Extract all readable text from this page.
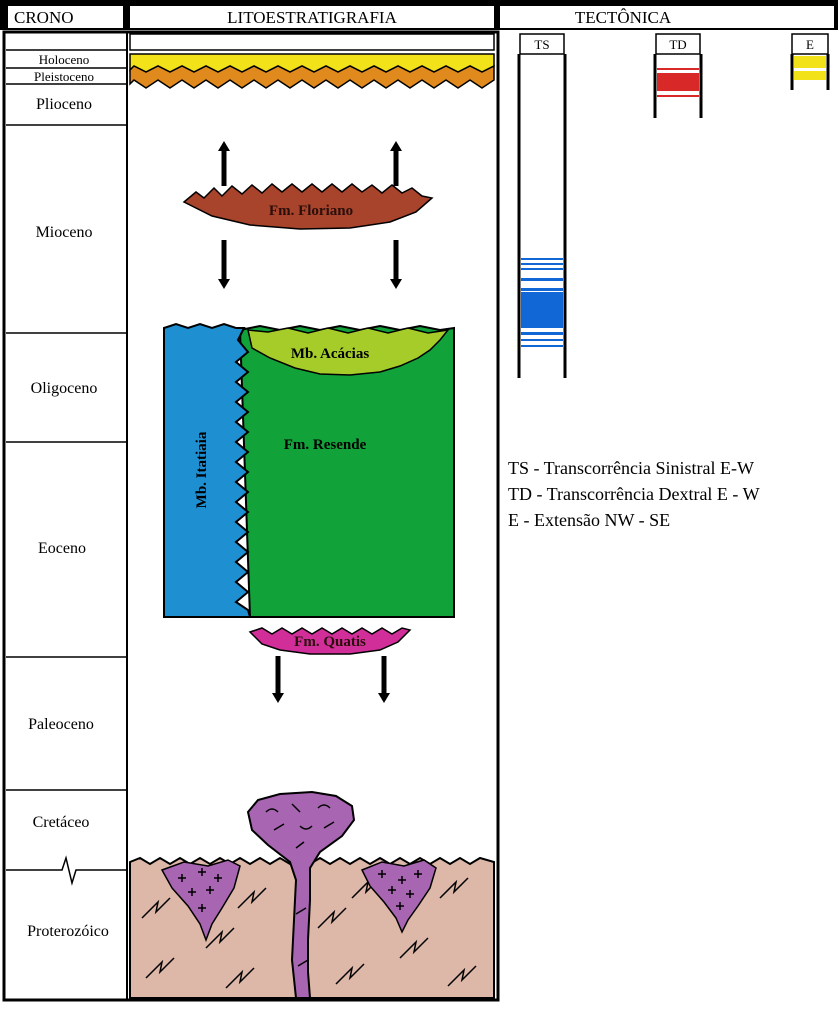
CRONO	LITOESTRATIGRAFIA	TECTÔNICA
Holoceno
Pleistoceno
Plioceno
Mioceno
Oligoceno
Eoceno
Paleoceno
Cretáceo
Proterozóico
Fm. Floriano
Mb. Acácias
Fm. Resende
Mb. Itatiaia
Fm. Quatis
TS	TD	E
TS - Transcorrência Sinistral E-W
TD - Transcorrência Dextral E - W
E - Extensão NW - SE
